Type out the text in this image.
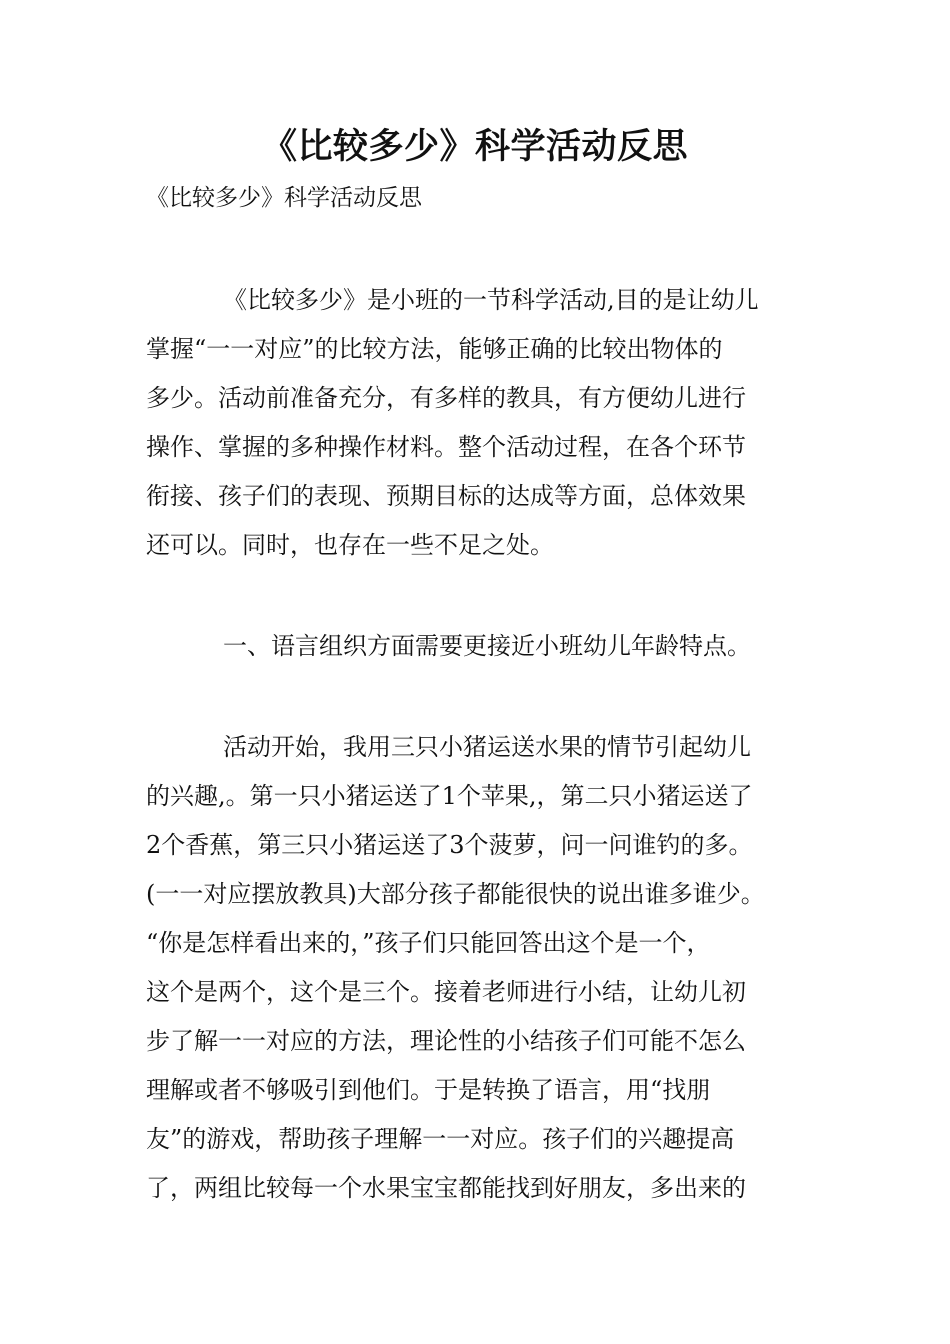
《比较多少》科学活动反思
《比较多少》科学活动反思
《比较多少》是小班的一节科学活动,目的是让幼儿
掌握“一一对应”的比较方法，能够正确的比较出物体的
多少。活动前准备充分，有多样的教具，有方便幼儿进行
操作、掌握的多种操作材料。整个活动过程，在各个环节
衔接、孩子们的表现、预期目标的达成等方面，总体效果
还可以。同时，也存在一些不足之处。
一、语言组织方面需要更接近小班幼儿年龄特点。
活动开始，我用三只小猪运送水果的情节引起幼儿
的兴趣,。第一只小猪运送了1个苹果,，第二只小猪运送了
2个香蕉，第三只小猪运送了3个菠萝，问一问谁钓的多。
(一一对应摆放教具)大部分孩子都能很快的说出谁多谁少。
“你是怎样看出来的，”孩子们只能回答出这个是一个，
这个是两个，这个是三个。接着老师进行小结，让幼儿初
步了解一一对应的方法，理论性的小结孩子们可能不怎么
理解或者不够吸引到他们。于是转换了语言，用“找朋
友”的游戏，帮助孩子理解一一对应。孩子们的兴趣提高
了，两组比较每一个水果宝宝都能找到好朋友，多出来的
